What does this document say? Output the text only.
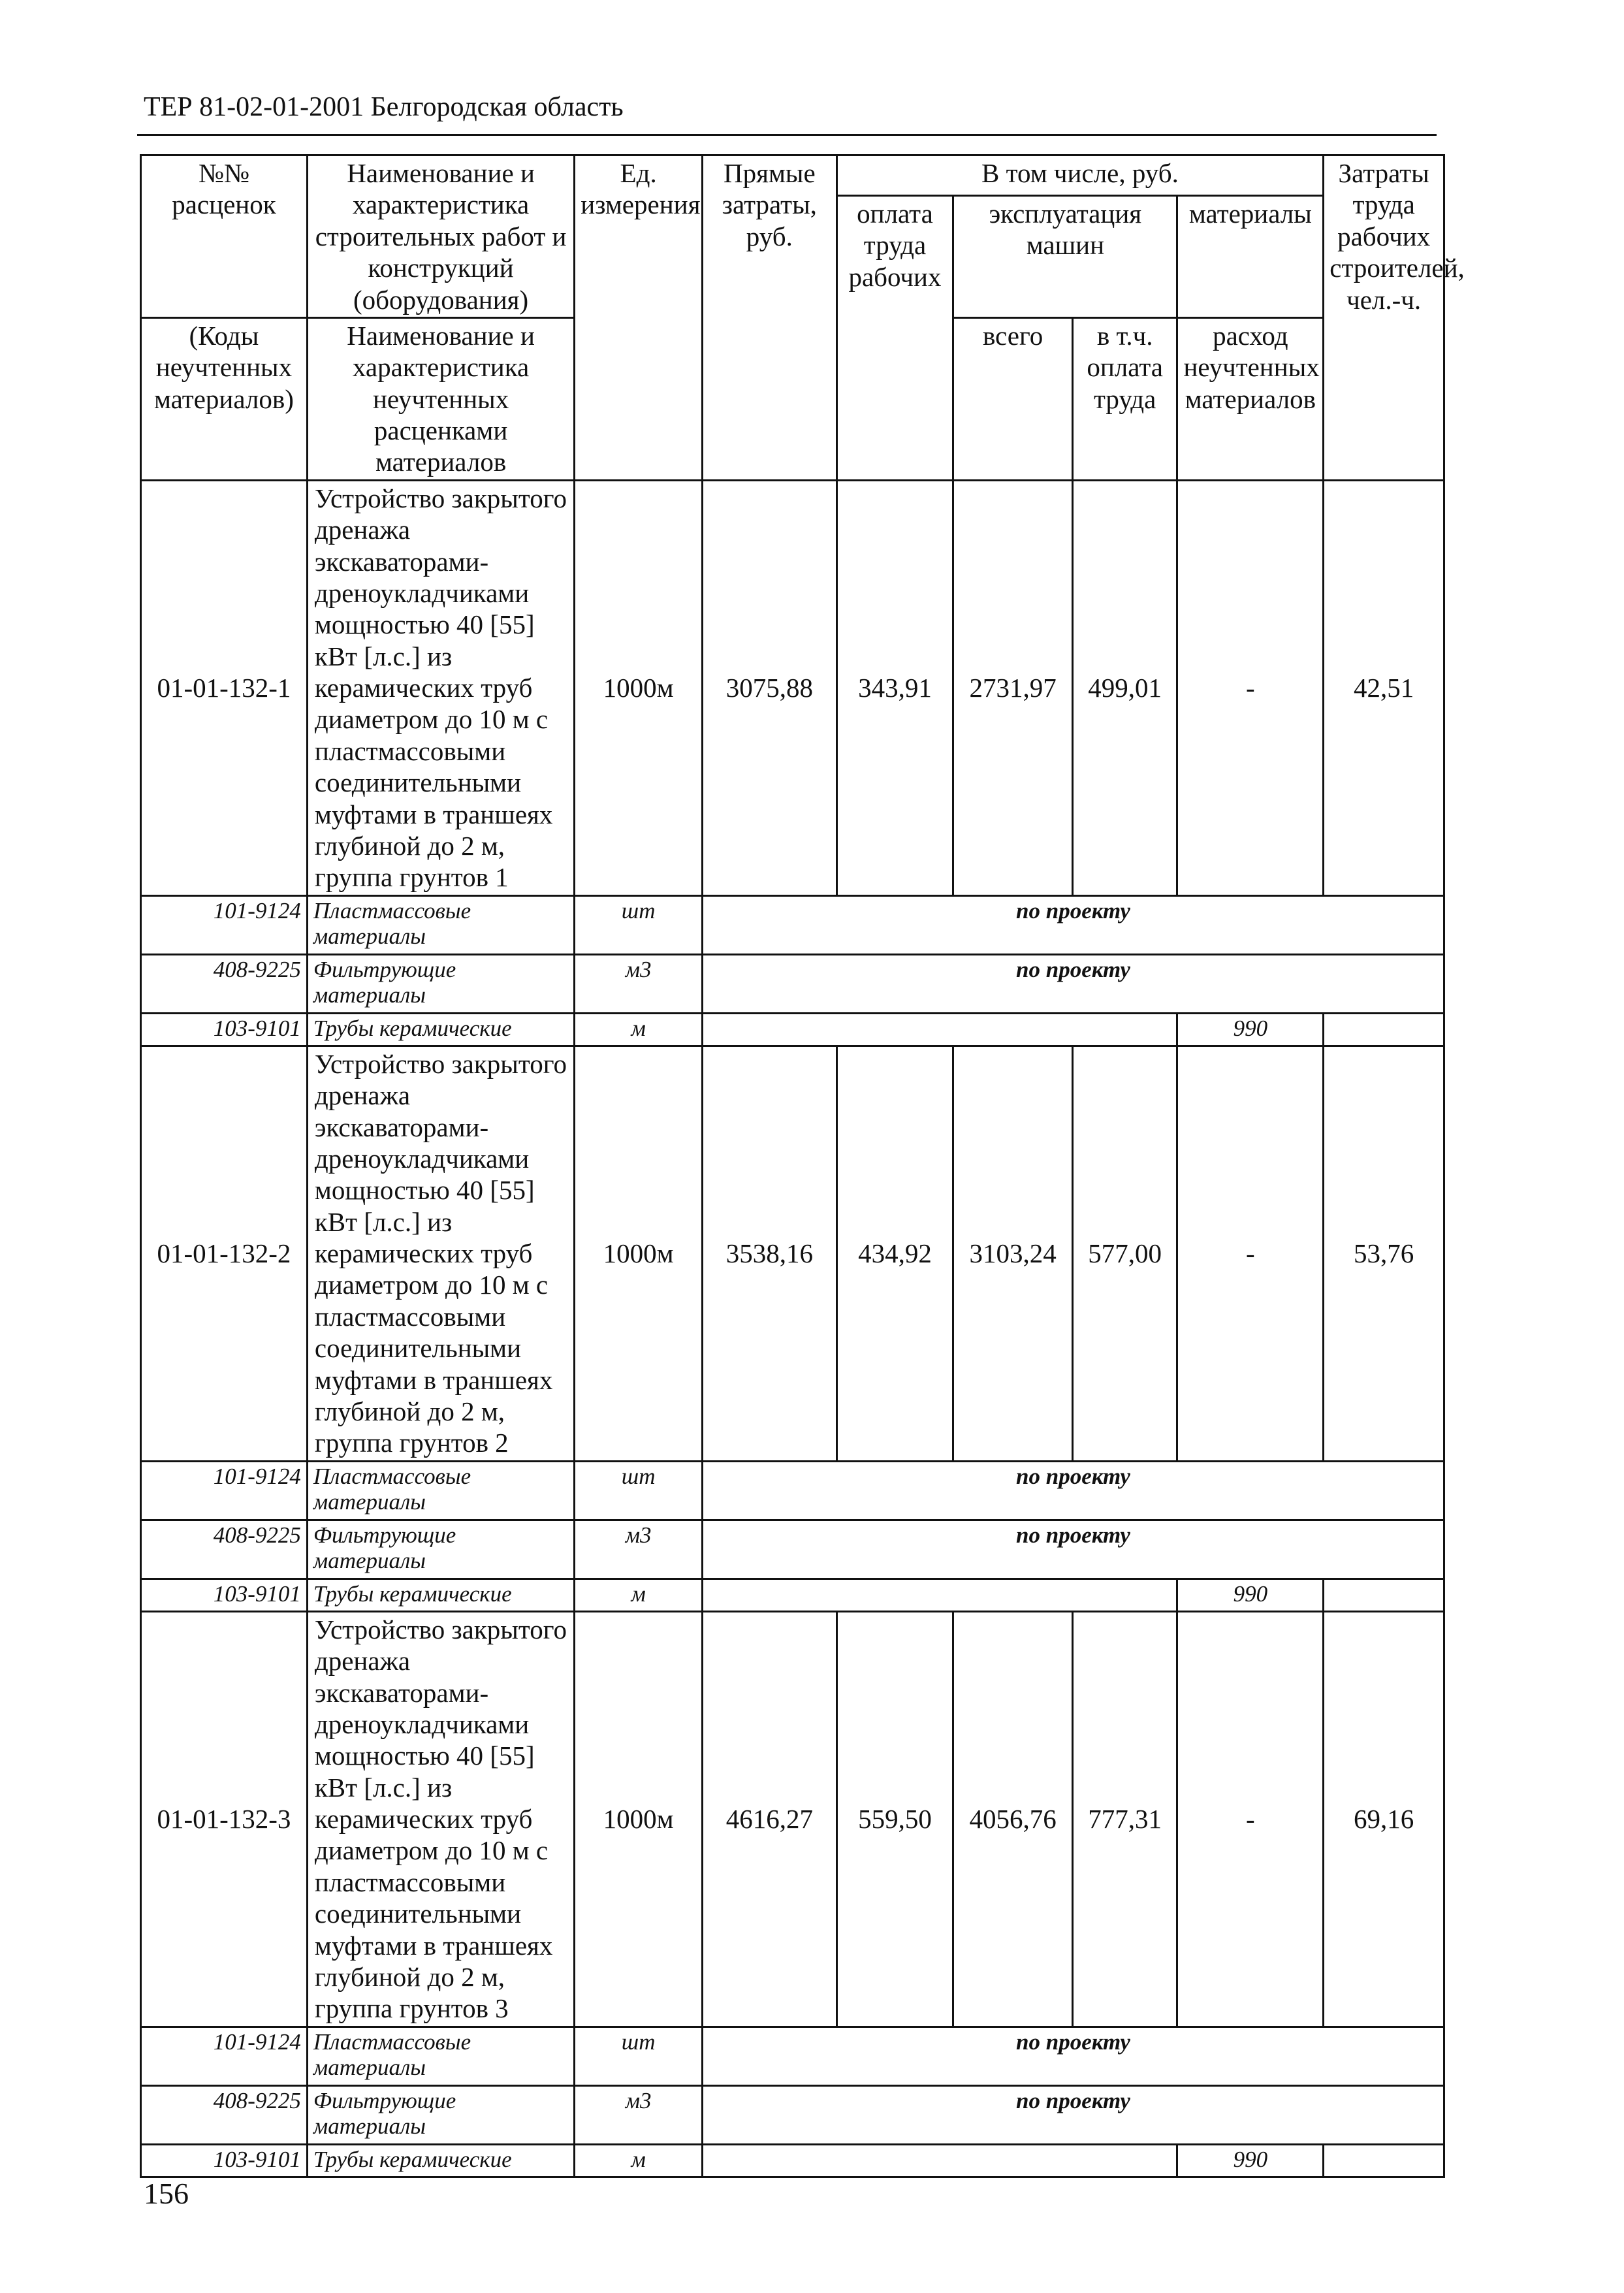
ТЕР 81-02-01-2001 Белгородская область
№№ расценок	Наименование и характеристика строительных работ и конструкций (оборудования)	Ед. измерения	Прямые затраты, руб.	В том числе, руб.				Затраты труда рабочих строителей, чел.-ч.
				оплата труда рабочих	эксплуатация машин		материалы	

(Коды неучтенных материалов)	Наименование и характеристика неучтенных расценками материалов				всего	в т.ч. оплата труда	расход неучтенных материалов	
01-01-132-1	Устройство закрытого дренажа экскаваторами-дреноукладчиками мощностью 40 [55] кВт [л.с.] из керамических труб диаметром до 10 м с пластмассовыми соединительными муфтами в траншеях глубиной до 2 м, группа грунтов 1	1000м	3075,88	343,91	2731,97	499,01	-	42,51
101-9124	Пластмассовые материалы	шт	по проекту					
408-9225	Фильтрующие материалы	м3	по проекту					
103-9101	Трубы керамические	м					990	
01-01-132-2	Устройство закрытого дренажа экскаваторами-дреноукладчиками мощностью 40 [55] кВт [л.с.] из керамических труб диаметром до 10 м с пластмассовыми соединительными муфтами в траншеях глубиной до 2 м, группа грунтов 2	1000м	3538,16	434,92	3103,24	577,00	-	53,76
101-9124	Пластмассовые материалы	шт	по проекту					
408-9225	Фильтрующие материалы	м3	по проекту					
103-9101	Трубы керамические	м					990	
01-01-132-3	Устройство закрытого дренажа экскаваторами-дреноукладчиками мощностью 40 [55] кВт [л.с.] из керамических труб диаметром до 10 м с пластмассовыми соединительными муфтами в траншеях глубиной до 2 м, группа грунтов 3	1000м	4616,27	559,50	4056,76	777,31	-	69,16
101-9124	Пластмассовые материалы	шт	по проекту					
408-9225	Фильтрующие материалы	м3	по проекту					
103-9101	Трубы керамические	м					990	
156
